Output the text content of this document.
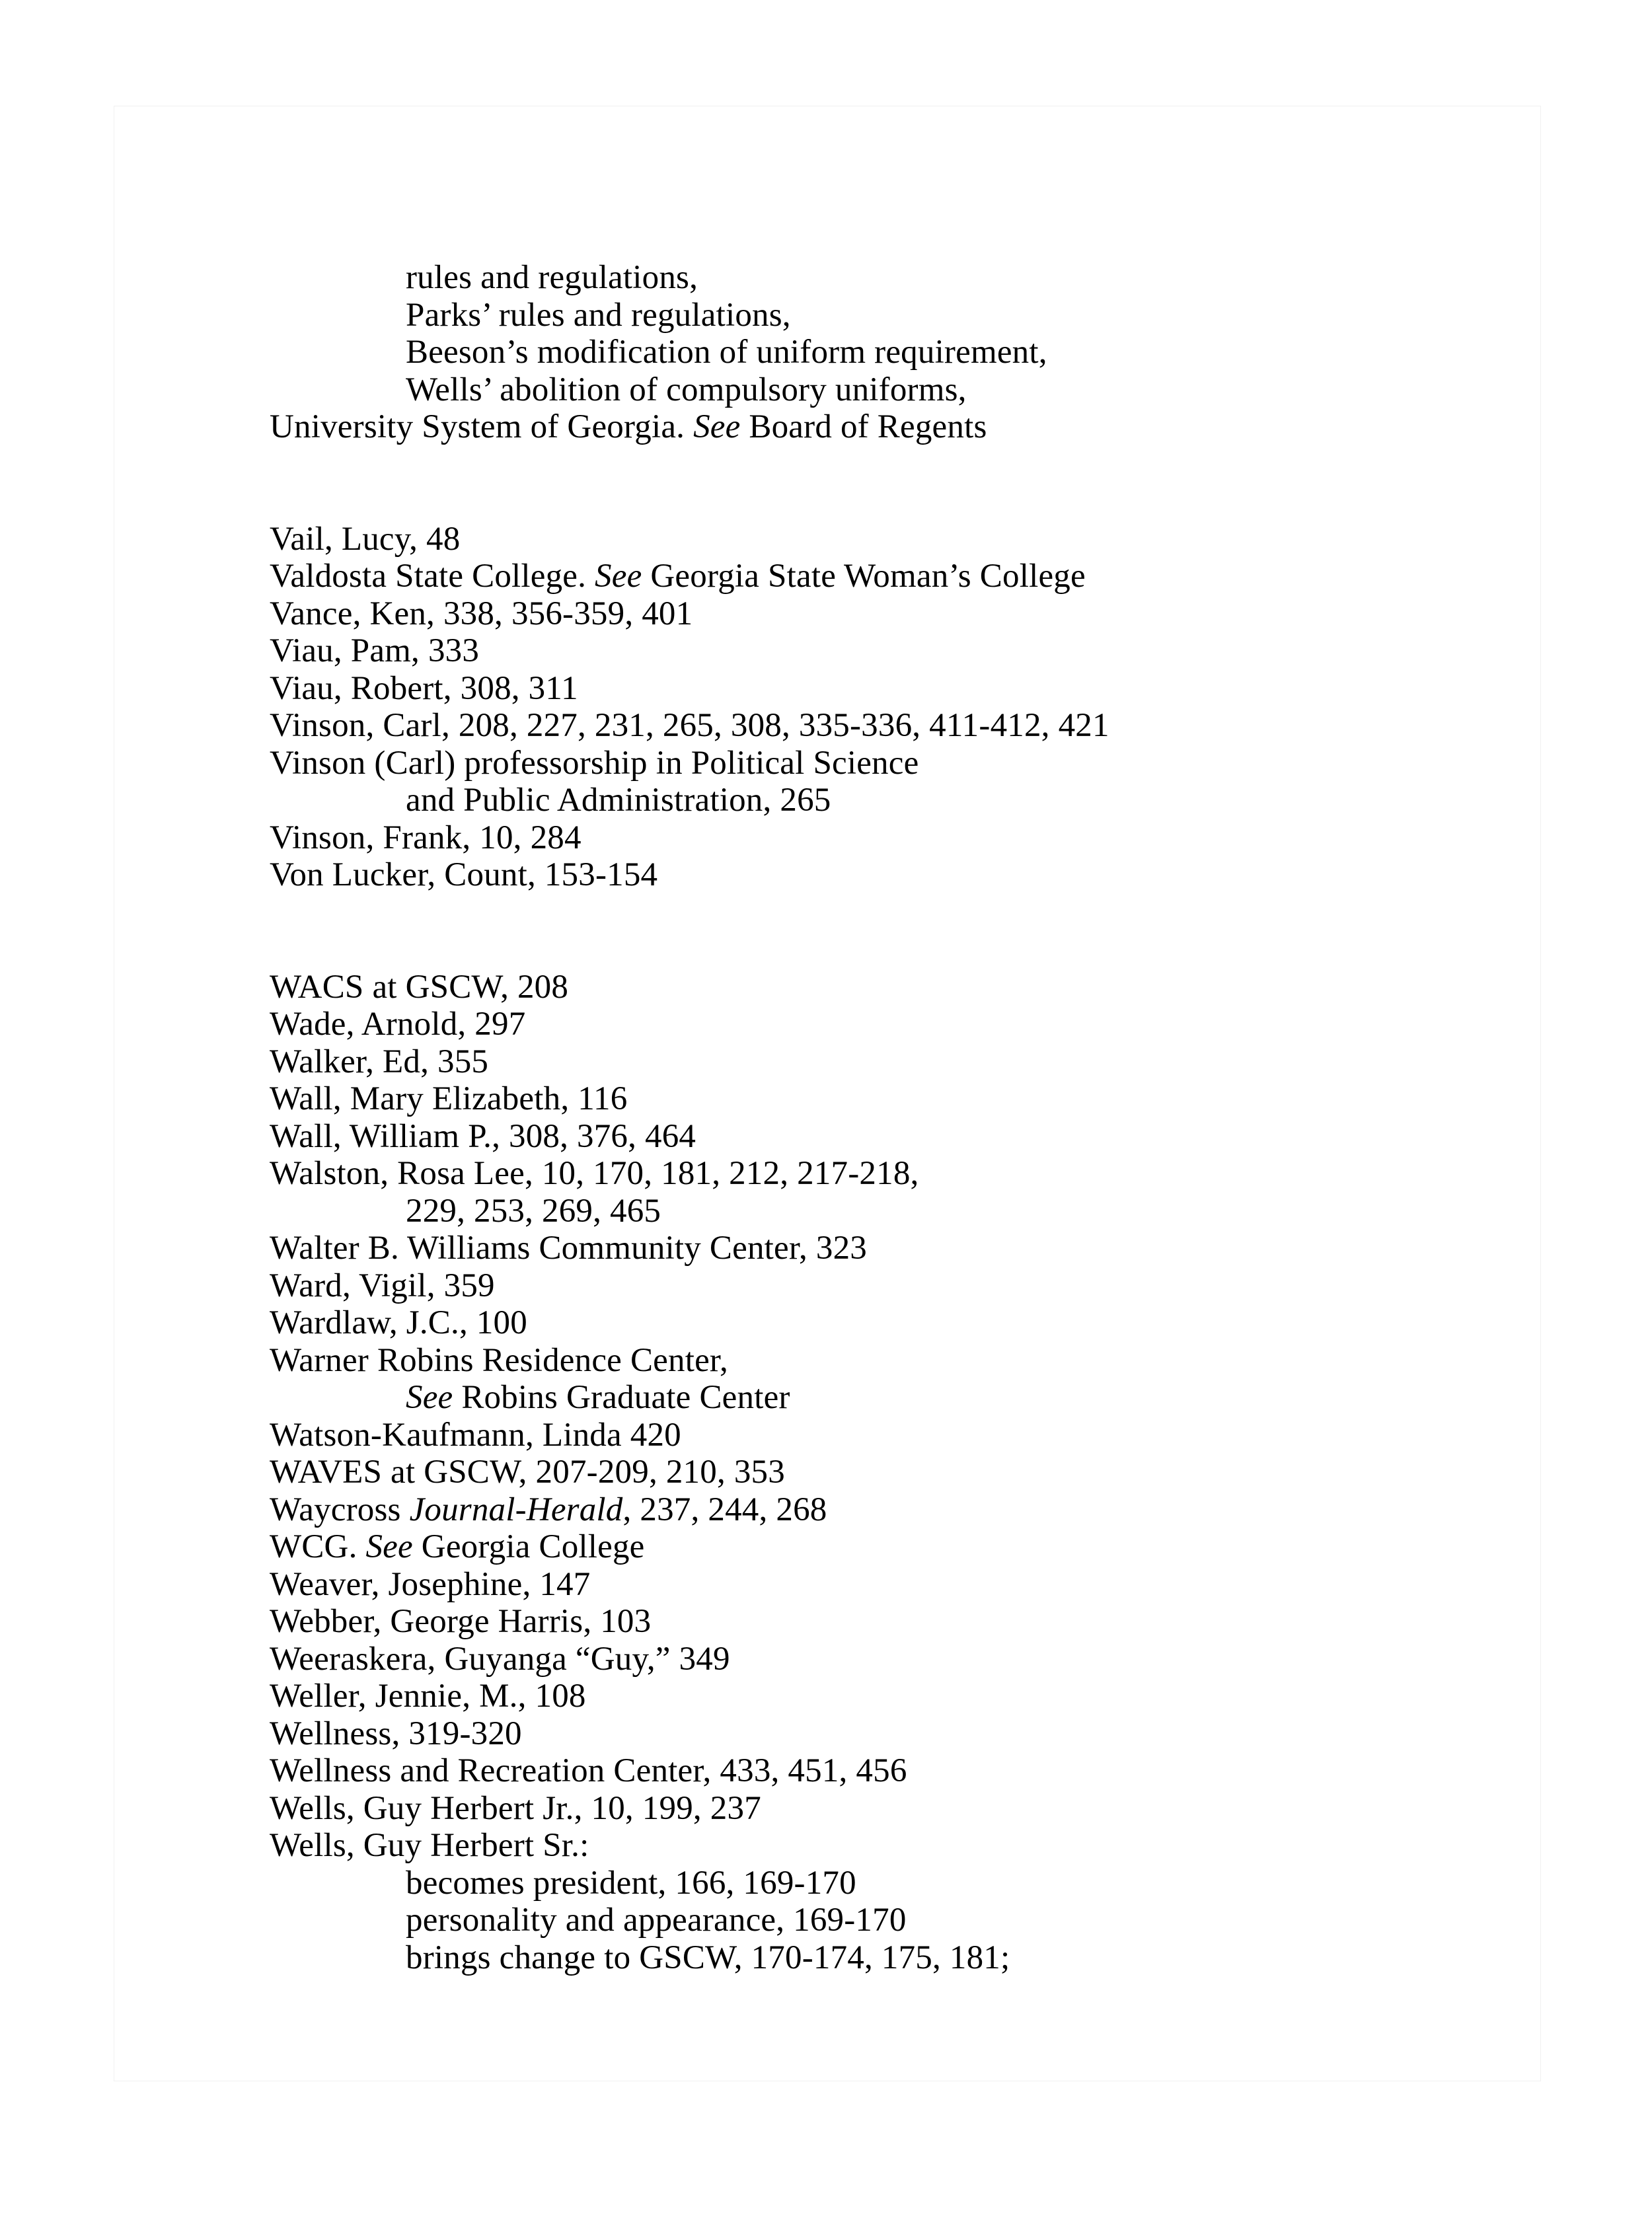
rules and regulations,
Parks’ rules and regulations,
Beeson’s modification of uniform requirement,
Wells’ abolition of compulsory uniforms,
University System of Georgia. See Board of Regents
Vail, Lucy, 48
Valdosta State College. See Georgia State Woman’s College
Vance, Ken, 338, 356-359, 401
Viau, Pam, 333
Viau, Robert, 308, 311
Vinson, Carl, 208, 227, 231, 265, 308, 335-336, 411-412, 421
Vinson (Carl) professorship in Political Science
and Public Administration, 265
Vinson, Frank, 10, 284
Von Lucker, Count, 153-154
WACS at GSCW, 208
Wade, Arnold, 297
Walker, Ed, 355
Wall, Mary Elizabeth, 116
Wall, William P., 308, 376, 464
Walston, Rosa Lee, 10, 170, 181, 212, 217-218,
229, 253, 269, 465
Walter B. Williams Community Center, 323
Ward, Vigil, 359
Wardlaw, J.C., 100
Warner Robins Residence Center,
See Robins Graduate Center
Watson-Kaufmann, Linda 420
WAVES at GSCW, 207-209, 210, 353
Waycross Journal-Herald, 237, 244, 268
WCG. See Georgia College
Weaver, Josephine, 147
Webber, George Harris, 103
Weeraskera, Guyanga “Guy,” 349
Weller, Jennie, M., 108
Wellness, 319-320
Wellness and Recreation Center, 433, 451, 456
Wells, Guy Herbert Jr., 10, 199, 237
Wells, Guy Herbert Sr.:
becomes president, 166, 169-170
personality and appearance, 169-170
brings change to GSCW, 170-174, 175, 181;
